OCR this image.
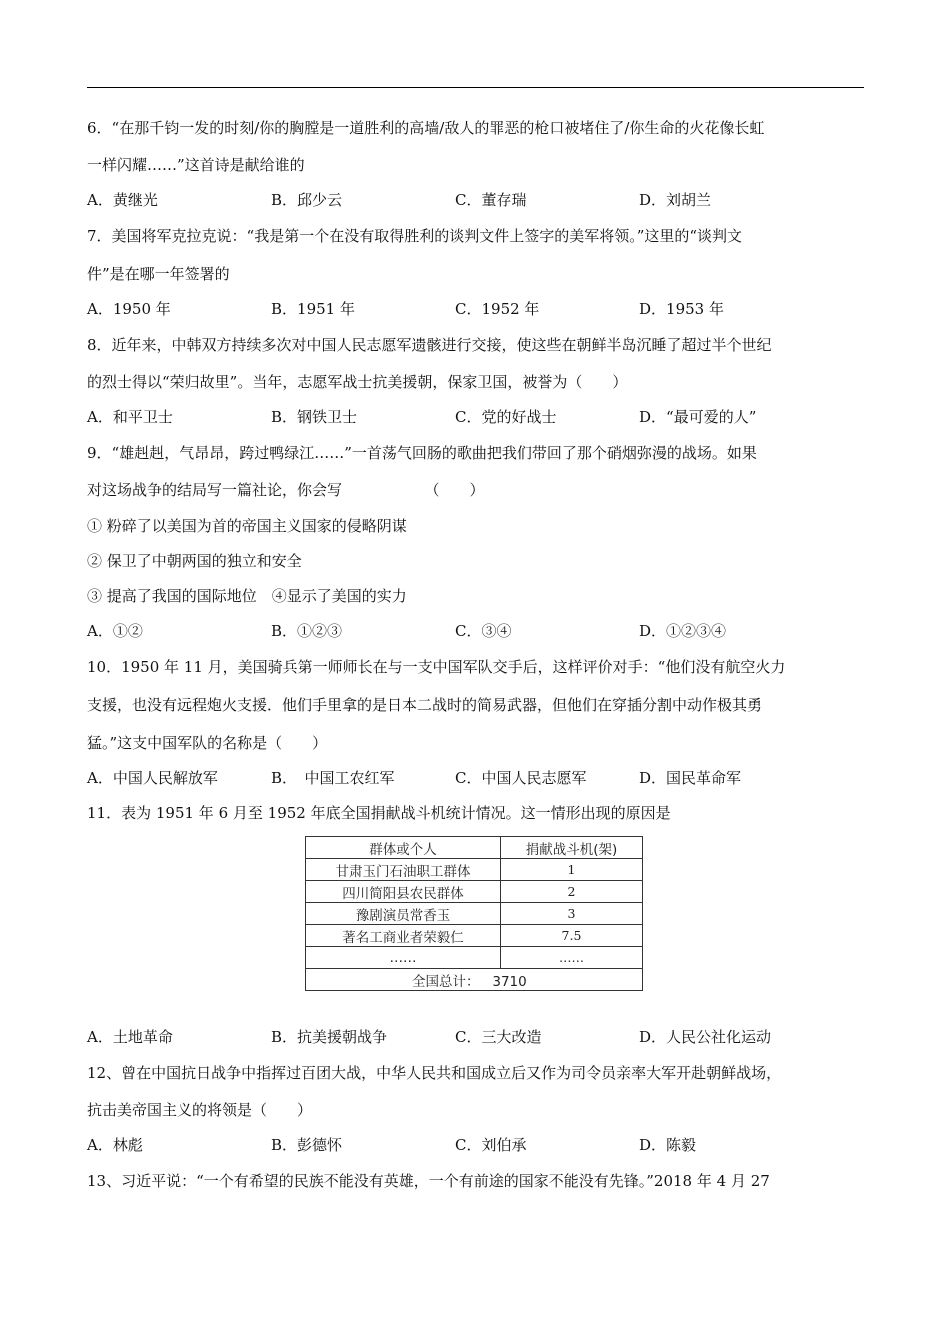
6．“在那千钧一发的时刻/你的胸膛是一道胜利的高墙/敌人的罪恶的枪口被堵住了/你生命的火花像长虹
一样闪耀……”这首诗是献给谁的
A．黄继光	B．邱少云	C．董存瑞	D．刘胡兰
7．美国将军克拉克说：“我是第一个在没有取得胜利的谈判文件上签字的美军将领。”这里的“谈判文
件”是在哪一年签署的
A．1950 年	B．1951 年	C．1952 年	D．1953 年
8．近年来，中韩双方持续多次对中国人民志愿军遗骸进行交接，使这些在朝鲜半岛沉睡了超过半个世纪
的烈士得以“荣归故里”。当年，志愿军战士抗美援朝，保家卫国，被誉为（　　）
A．和平卫士	B．钢铁卫士	C．党的好战士	D．“最可爱的人”
9．“雄赳赳，气昂昂，跨过鸭绿江……”一首荡气回肠的歌曲把我们带回了那个硝烟弥漫的战场。如果
对这场战争的结局写一篇社论，你会写　　　　　　（　　）
① 粉碎了以美国为首的帝国主义国家的侵略阴谋
② 保卫了中朝两国的独立和安全
③ 提高了我国的国际地位　④显示了美国的实力
A．①②	B．①②③	C．③④	D．①②③④
10．1950 年 11 月，美国骑兵第一师师长在与一支中国军队交手后，这样评价对手：“他们没有航空火力
支援，也没有远程炮火支援．他们手里拿的是日本二战时的简易武器，但他们在穿插分割中动作极其勇
猛。”这支中国军队的名称是（　　）
A．中国人民解放军	B．　中国工农红军	C．中国人民志愿军	D．国民革命军
11．表为 1951 年 6 月至 1952 年底全国捐献战斗机统计情况。这一情形出现的原因是
群体或个人	捐献战斗机(架)
甘肃玉门石油职工群体	1
四川简阳县农民群体	2
豫剧演员常香玉	3
著名工商业者荣毅仁	7.5
……	……
全国总计： 3710	
A．土地革命	B．抗美援朝战争	C．三大改造	D．人民公社化运动
12、曾在中国抗日战争中指挥过百团大战，中华人民共和国成立后又作为司令员亲率大军开赴朝鲜战场，
抗击美帝国主义的将领是（　　）
A．林彪	B．彭德怀	C．刘伯承	D．陈毅
13、习近平说：“一个有希望的民族不能没有英雄，一个有前途的国家不能没有先锋。”2018 年 4 月 27
